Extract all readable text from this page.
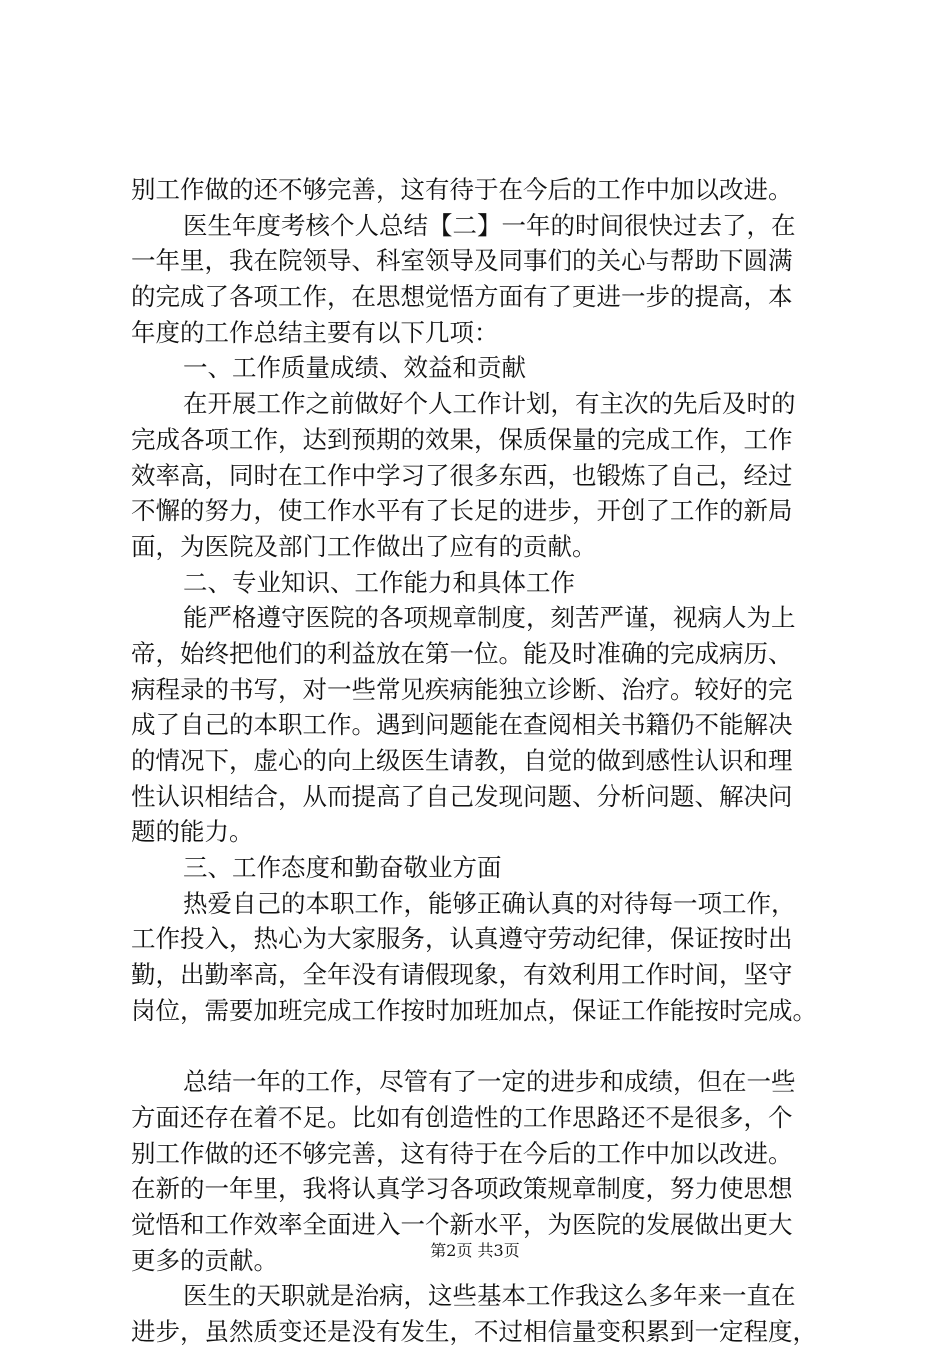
别工作做的还不够完善，这有待于在今后的工作中加以改进。
医生年度考核个人总结【二】一年的时间很快过去了，在
一年里，我在院领导、科室领导及同事们的关心与帮助下圆满
的完成了各项工作，在思想觉悟方面有了更进一步的提高，本
年度的工作总结主要有以下几项：
一、工作质量成绩、效益和贡献
在开展工作之前做好个人工作计划，有主次的先后及时的
完成各项工作，达到预期的效果，保质保量的完成工作，工作
效率高，同时在工作中学习了很多东西，也锻炼了自己，经过
不懈的努力，使工作水平有了长足的进步，开创了工作的新局
面，为医院及部门工作做出了应有的贡献。
二、专业知识、工作能力和具体工作
能严格遵守医院的各项规章制度，刻苦严谨，视病人为上
帝，始终把他们的利益放在第一位。能及时准确的完成病历、
病程录的书写，对一些常见疾病能独立诊断、治疗。较好的完
成了自己的本职工作。遇到问题能在查阅相关书籍仍不能解决
的情况下，虚心的向上级医生请教，自觉的做到感性认识和理
性认识相结合，从而提高了自己发现问题、分析问题、解决问
题的能力。
三、工作态度和勤奋敬业方面
热爱自己的本职工作，能够正确认真的对待每一项工作，
工作投入，热心为大家服务，认真遵守劳动纪律，保证按时出
勤，出勤率高，全年没有请假现象，有效利用工作时间，坚守
岗位，需要加班完成工作按时加班加点，保证工作能按时完成。
总结一年的工作，尽管有了一定的进步和成绩，但在一些
方面还存在着不足。比如有创造性的工作思路还不是很多，个
别工作做的还不够完善，这有待于在今后的工作中加以改进。
在新的一年里，我将认真学习各项政策规章制度，努力使思想
觉悟和工作效率全面进入一个新水平，为医院的发展做出更大
更多的贡献。
医生的天职就是治病，这些基本工作我这么多年来一直在
进步，虽然质变还是没有发生，不过相信量变积累到一定程度，
第2页 共3页
